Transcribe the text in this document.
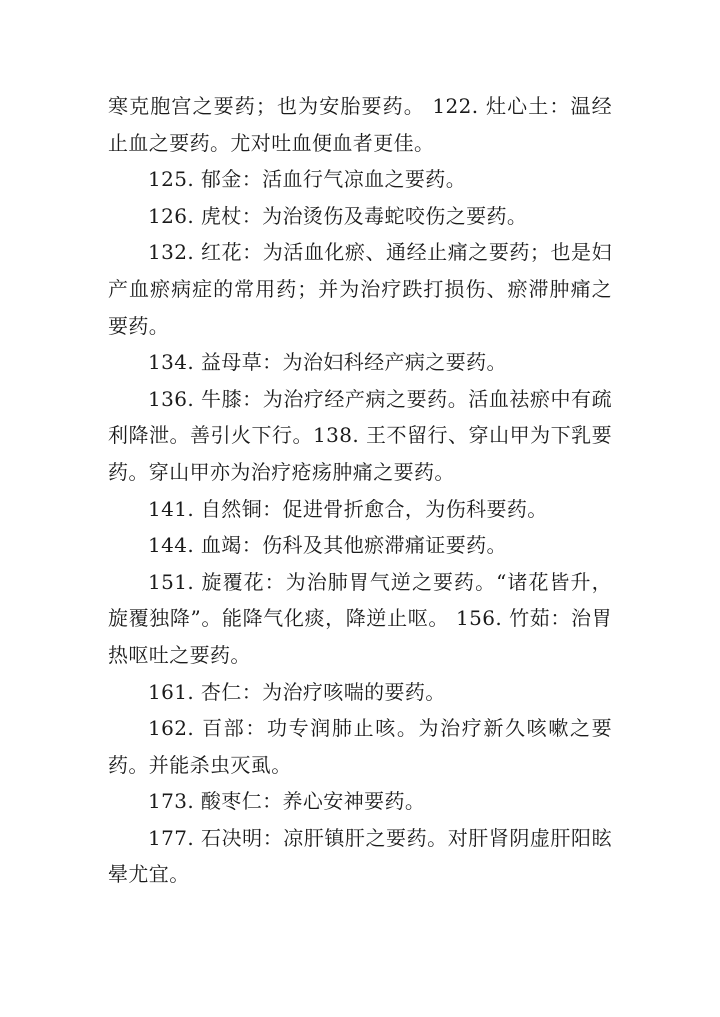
寒克胞宫之要药；也为安胎要药。 122. 灶心土：温经止血之要药。尤对吐血便血者更佳。

125. 郁金：活血行气凉血之要药。

126. 虎杖：为治烫伤及毒蛇咬伤之要药。

132. 红花：为活血化瘀、通经止痛之要药；也是妇产血瘀病症的常用药；并为治疗跌打损伤、瘀滞肿痛之要药。

134. 益母草：为治妇科经产病之要药。

136. 牛膝：为治疗经产病之要药。活血祛瘀中有疏利降泄。善引火下行。138. 王不留行、穿山甲为下乳要药。穿山甲亦为治疗疮疡肿痛之要药。

141. 自然铜：促进骨折愈合，为伤科要药。

144. 血竭：伤科及其他瘀滞痛证要药。

151. 旋覆花：为治肺胃气逆之要药。“诸花皆升，旋覆独降”。能降气化痰，降逆止呕。 156. 竹茹：治胃热呕吐之要药。

161. 杏仁：为治疗咳喘的要药。

162. 百部：功专润肺止咳。为治疗新久咳嗽之要药。并能杀虫灭虱。

173. 酸枣仁：养心安神要药。

177. 石决明：凉肝镇肝之要药。对肝肾阴虚肝阳眩晕尤宜。
